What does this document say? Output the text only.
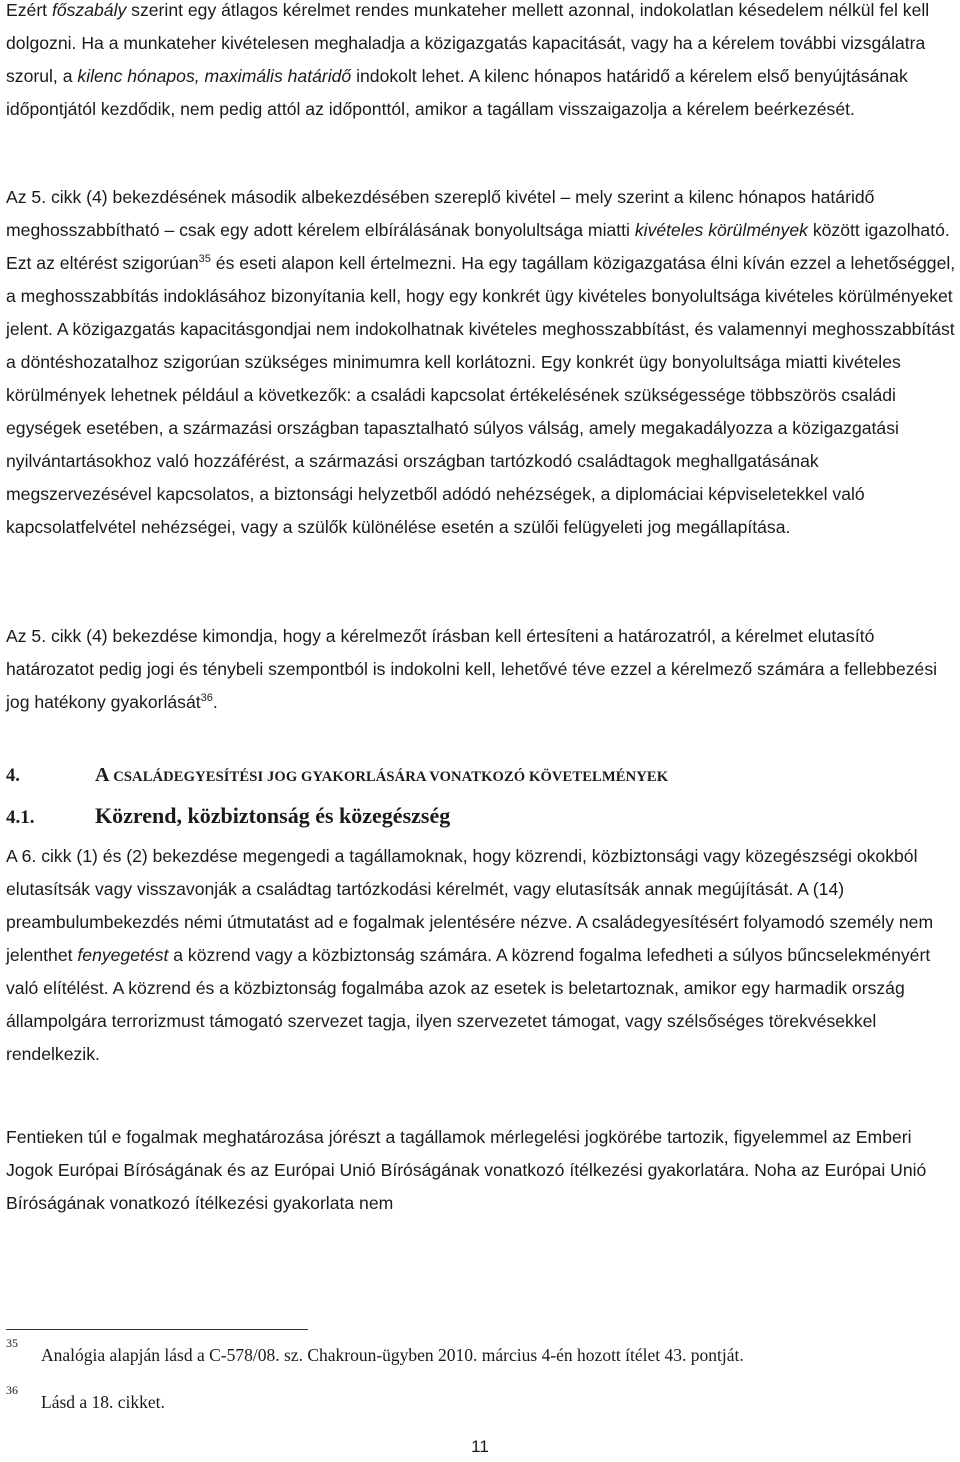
Ezért főszabály szerint egy átlagos kérelmet rendes munkateher mellett azonnal, indokolatlan késedelem nélkül fel kell dolgozni. Ha a munkateher kivételesen meghaladja a közigazgatás kapacitását, vagy ha a kérelem további vizsgálatra szorul, a kilenc hónapos, maximális határidő indokolt lehet. A kilenc hónapos határidő a kérelem első benyújtásának időpontjától kezdődik, nem pedig attól az időponttól, amikor a tagállam visszaigazolja a kérelem beérkezését.

Az 5. cikk (4) bekezdésének második albekezdésében szereplő kivétel – mely szerint a kilenc hónapos határidő meghosszabbítható – csak egy adott kérelem elbírálásának bonyolultsága miatti kivételes körülmények között igazolható. Ezt az eltérést szigorúan$^{35}$ és eseti alapon kell értelmezni. Ha egy tagállam közigazgatása élni kíván ezzel a lehetőséggel, a meghosszabbítás indoklásához bizonyítania kell, hogy egy konkrét ügy kivételes bonyolultsága kivételes körülményeket jelent. A közigazgatás kapacitásgondjai nem indokolhatnak kivételes meghosszabbítást, és valamennyi meghosszabbítást a döntéshozatalhoz szigorúan szükséges minimumra kell korlátozni. Egy konkrét ügy bonyolultsága miatti kivételes körülmények lehetnek például a következők: a családi kapcsolat értékelésének szükségessége többszörös családi egységek esetében, a származási országban tapasztalható súlyos válság, amely megakadályozza a közigazgatási nyilvántartásokhoz való hozzáférést, a származási országban tartózkodó családtagok meghallgatásának megszervezésével kapcsolatos, a biztonsági helyzetből adódó nehézségek, a diplomáciai képviseletekkel való kapcsolatfelvétel nehézségei, vagy a szülők különélése esetén a szülői felügyeleti jog megállapítása.

Az 5. cikk (4) bekezdése kimondja, hogy a kérelmezőt írásban kell értesíteni a határozatról, a kérelmet elutasító határozatot pedig jogi és ténybeli szempontból is indokolni kell, lehetővé téve ezzel a kérelmező számára a fellebbezési jog hatékony gyakorlását$^{36}$.

4.	A CSALÁDEGYESÍTÉSI JOG GYAKORLÁSÁRA VONATKOZÓ KÖVETELMÉNYEK
4.1.	Közrend, közbiztonság és közegészség

A 6. cikk (1) és (2) bekezdése megengedi a tagállamoknak, hogy közrendi, közbiztonsági vagy közegészségi okokból elutasítsák vagy visszavonják a családtag tartózkodási kérelmét, vagy elutasítsák annak megújítását. A (14) preambulumbekezdés némi útmutatást ad e fogalmak jelentésére nézve. A családegyesítésért folyamodó személy nem jelenthet fenyegetést a közrend vagy a közbiztonság számára. A közrend fogalma lefedheti a súlyos bűncselekményért való elítélést. A közrend és a közbiztonság fogalmába azok az esetek is beletartoznak, amikor egy harmadik ország állampolgára terrorizmust támogató szervezet tagja, ilyen szervezetet támogat, vagy szélsőséges törekvésekkel rendelkezik.

Fentieken túl e fogalmak meghatározása jórészt a tagállamok mérlegelési jogkörébe tartozik, figyelemmel az Emberi Jogok Európai Bíróságának és az Európai Unió Bíróságának vonatkozó ítélkezési gyakorlatára. Noha az Európai Unió Bíróságának vonatkozó ítélkezési gyakorlata nem

35
Analógia alapján lásd a C-578/08. sz. Chakroun-ügyben 2010. március 4-én hozott ítélet 43. pontját.
36
Lásd a 18. cikket.
11
